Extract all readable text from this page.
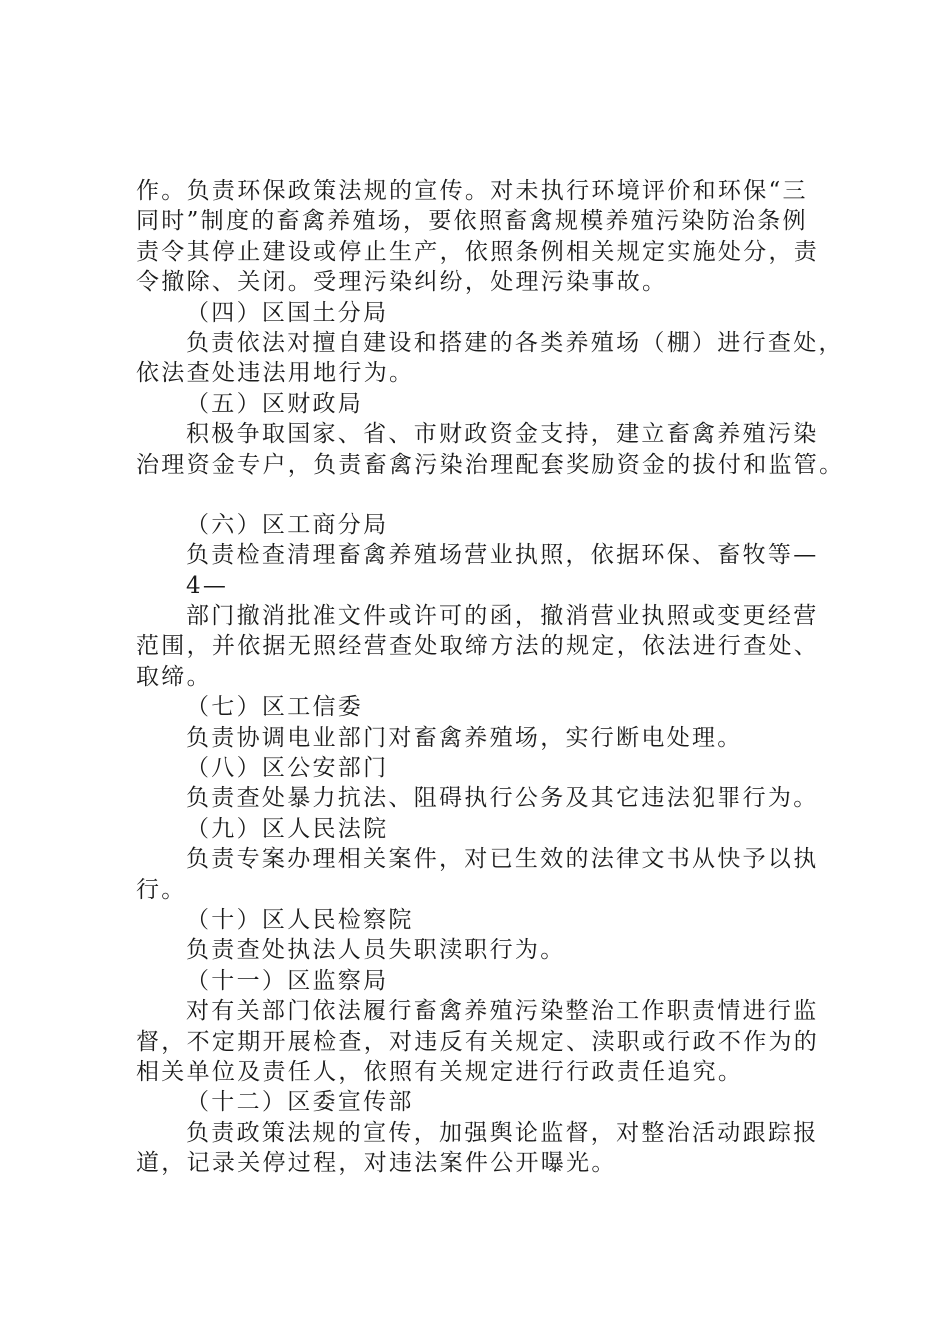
作。负责环保政策法规的宣传。对未执行环境评价和环保“三
同时”制度的畜禽养殖场，要依照畜禽规模养殖污染防治条例
责令其停止建设或停止生产，依照条例相关规定实施处分，责
令撤除、关闭。受理污染纠纷，处理污染事故。
（四）区国土分局
负责依法对擅自建设和搭建的各类养殖场（棚）进行查处，
依法查处违法用地行为。
（五）区财政局
积极争取国家、省、市财政资金支持，建立畜禽养殖污染
治理资金专户，负责畜禽污染治理配套奖励资金的拔付和监管。
（六）区工商分局
负责检查清理畜禽养殖场营业执照，依据环保、畜牧等—
4—
部门撤消批准文件或许可的函，撤消营业执照或变更经营
范围，并依据无照经营查处取缔方法的规定，依法进行查处、
取缔。
（七）区工信委
负责协调电业部门对畜禽养殖场，实行断电处理。
（八）区公安部门
负责查处暴力抗法、阻碍执行公务及其它违法犯罪行为。
（九）区人民法院
负责专案办理相关案件，对已生效的法律文书从快予以执
行。
（十）区人民检察院
负责查处执法人员失职渎职行为。
（十一）区监察局
对有关部门依法履行畜禽养殖污染整治工作职责情进行监
督，不定期开展检查，对违反有关规定、渎职或行政不作为的
相关单位及责任人，依照有关规定进行行政责任追究。
（十二）区委宣传部
负责政策法规的宣传，加强舆论监督，对整治活动跟踪报
道，记录关停过程，对违法案件公开曝光。
